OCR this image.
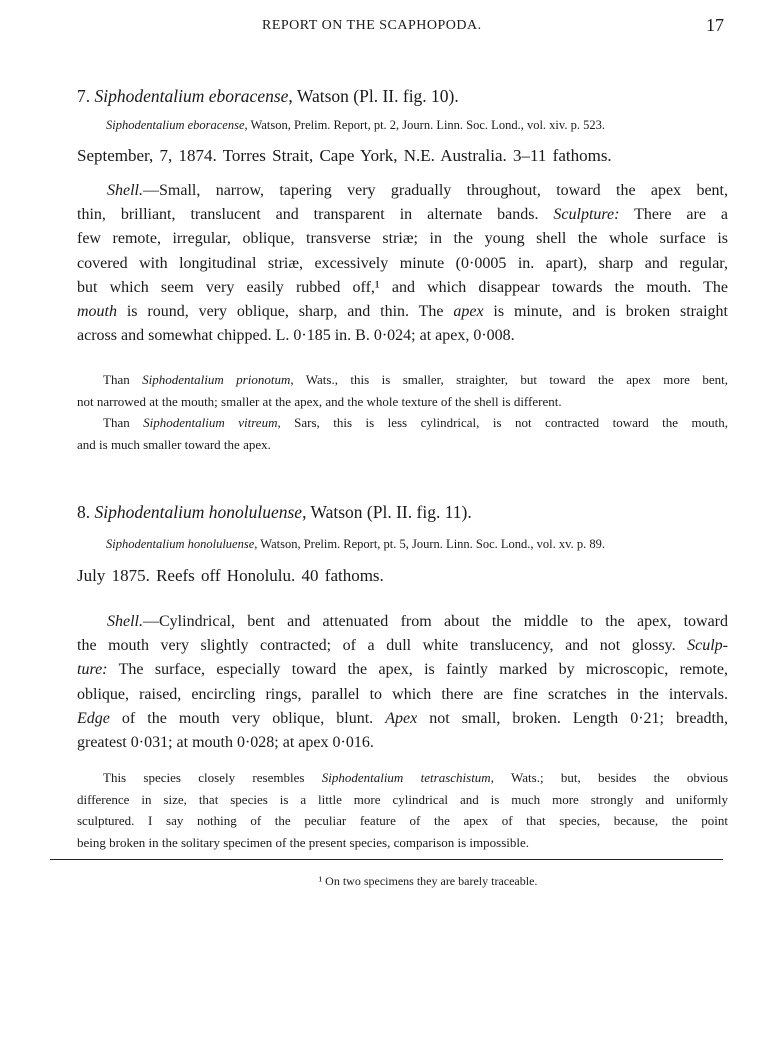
REPORT ON THE SCAPHOPODA.	17
7. Siphodentalium eboracense, Watson (Pl. II. fig. 10).
Siphodentalium eboracense, Watson, Prelim. Report, pt. 2, Journ. Linn. Soc. Lond., vol. xiv. p. 523.
September, 7, 1874. Torres Strait, Cape York, N.E. Australia. 3–11 fathoms.
Shell.—Small, narrow, tapering very gradually throughout, toward the apex bent,
thin, brilliant, translucent and transparent in alternate bands. Sculpture: There are a
few remote, irregular, oblique, transverse striæ; in the young shell the whole surface is
covered with longitudinal striæ, excessively minute (0·0005 in. apart), sharp and regular,
but which seem very easily rubbed off,¹ and which disappear towards the mouth. The
mouth is round, very oblique, sharp, and thin. The apex is minute, and is broken straight
across and somewhat chipped. L. 0·185 in. B. 0·024; at apex, 0·008.
Than Siphodentalium prionotum, Wats., this is smaller, straighter, but toward the apex more bent,
not narrowed at the mouth; smaller at the apex, and the whole texture of the shell is different.
Than Siphodentalium vitreum, Sars, this is less cylindrical, is not contracted toward the mouth,
and is much smaller toward the apex.
8. Siphodentalium honoluluense, Watson (Pl. II. fig. 11).
Siphodentalium honoluluense, Watson, Prelim. Report, pt. 5, Journ. Linn. Soc. Lond., vol. xv. p. 89.
July 1875. Reefs off Honolulu. 40 fathoms.
Shell.—Cylindrical, bent and attenuated from about the middle to the apex, toward
the mouth very slightly contracted; of a dull white translucency, and not glossy. Sculp-
ture: The surface, especially toward the apex, is faintly marked by microscopic, remote,
oblique, raised, encircling rings, parallel to which there are fine scratches in the intervals.
Edge of the mouth very oblique, blunt. Apex not small, broken. Length 0·21; breadth,
greatest 0·031; at mouth 0·028; at apex 0·016.
This species closely resembles Siphodentalium tetraschistum, Wats.; but, besides the obvious
difference in size, that species is a little more cylindrical and is much more strongly and uniformly
sculptured. I say nothing of the peculiar feature of the apex of that species, because, the point
being broken in the solitary specimen of the present species, comparison is impossible.
¹ On two specimens they are barely traceable.
